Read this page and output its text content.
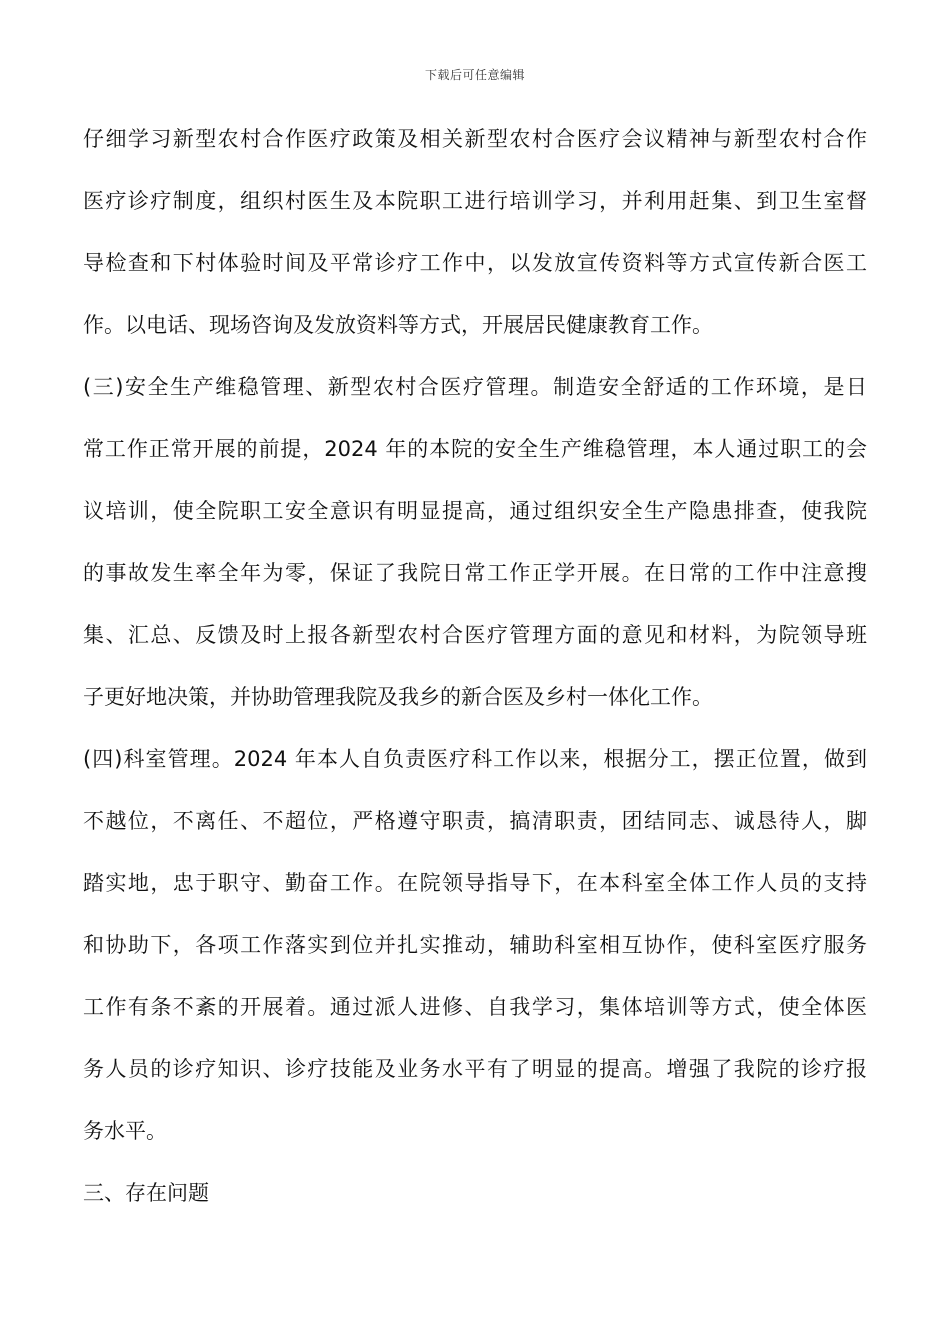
下载后可任意编辑
仔细学习新型农村合作医疗政策及相关新型农村合医疗会议精神与新型农村合作
医疗诊疗制度，组织村医生及本院职工进行培训学习，并利用赶集、到卫生室督
导检查和下村体验时间及平常诊疗工作中，以发放宣传资料等方式宣传新合医工
作。以电话、现场咨询及发放资料等方式，开展居民健康教育工作。
(三)安全生产维稳管理、新型农村合医疗管理。制造安全舒适的工作环境，是日
常工作正常开展的前提，2024 年的本院的安全生产维稳管理，本人通过职工的会
议培训，使全院职工安全意识有明显提高，通过组织安全生产隐患排查，使我院
的事故发生率全年为零，保证了我院日常工作正学开展。在日常的工作中注意搜
集、汇总、反馈及时上报各新型农村合医疗管理方面的意见和材料，为院领导班
子更好地决策，并协助管理我院及我乡的新合医及乡村一体化工作。
(四)科室管理。2024 年本人自负责医疗科工作以来，根据分工，摆正位置，做到
不越位，不离任、不超位，严格遵守职责，搞清职责，团结同志、诚恳待人，脚
踏实地，忠于职守、勤奋工作。在院领导指导下，在本科室全体工作人员的支持
和协助下，各项工作落实到位并扎实推动，辅助科室相互协作，使科室医疗服务
工作有条不紊的开展着。通过派人进修、自我学习，集体培训等方式，使全体医
务人员的诊疗知识、诊疗技能及业务水平有了明显的提高。增强了我院的诊疗报
务水平。
三、存在问题
